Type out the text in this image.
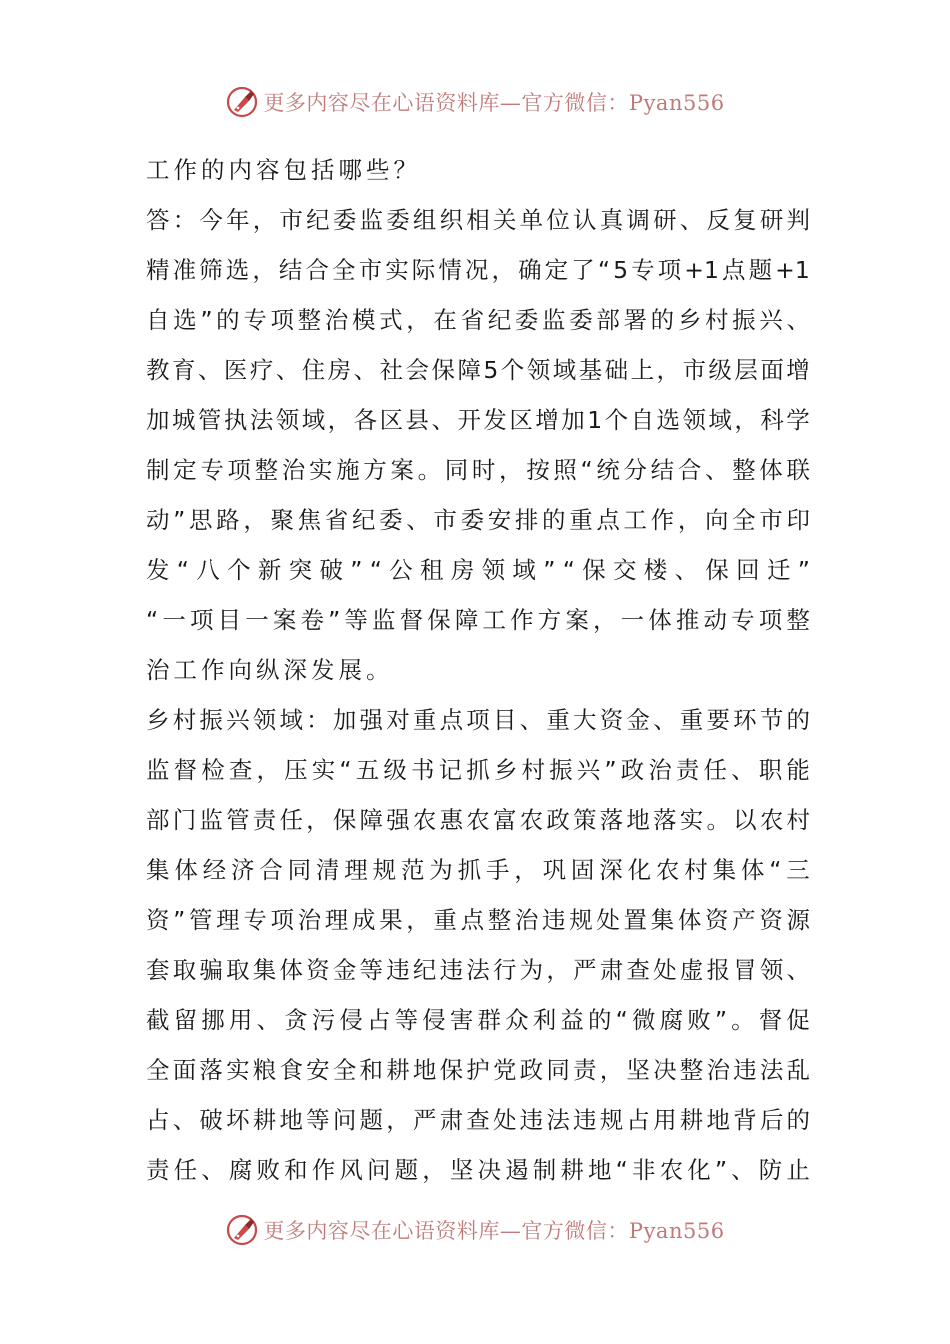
更多内容尽在心语资料库—官方微信：Pyan556
工作的内容包括哪些？
答 ： 今 年 ， 市 纪 委 监 委 组 织 相 关 单 位 认 真 调 研 、 反 复 研 判
精 准 筛 选 ， 结 合 全 市 实 际 情 况 ， 确 定 了 “ 5 专 项 +1 点 题 +1
自 选 ” 的 专 项 整 治 模 式 ， 在 省 纪 委 监 委 部 署 的 乡 村 振 兴 、
教 育 、 医 疗 、 住 房 、 社 会 保 障 5 个 领 域 基 础 上 ， 市 级 层 面 增
加 城 管 执 法 领 域 ， 各 区 县 、 开 发 区 增 加 1 个 自 选 领 域 ， 科 学
制 定 专 项 整 治 实 施 方 案 。 同 时 ， 按 照 “ 统 分 结 合 、 整 体 联
动 ” 思 路 ， 聚 焦 省 纪 委 、 市 委 安 排 的 重 点 工 作 ， 向 全 市 印
发 “ 八 个 新 突 破 ” “ 公 租 房 领 域 ” “ 保 交 楼 、 保 回 迁 ”
“ 一 项 目 一 案 卷 ” 等 监 督 保 障 工 作 方 案 ， 一 体 推 动 专 项 整
治工作向纵深发展。
乡 村 振 兴 领 域 ： 加 强 对 重 点 项 目 、 重 大 资 金 、 重 要 环 节 的
监 督 检 查 ， 压 实 “ 五 级 书 记 抓 乡 村 振 兴 ” 政 治 责 任 、 职 能
部 门 监 管 责 任 ， 保 障 强 农 惠 农 富 农 政 策 落 地 落 实 。 以 农 村
集 体 经 济 合 同 清 理 规 范 为 抓 手 ， 巩 固 深 化 农 村 集 体 “ 三
资 ” 管 理 专 项 治 理 成 果 ， 重 点 整 治 违 规 处 置 集 体 资 产 资 源
套 取 骗 取 集 体 资 金 等 违 纪 违 法 行 为 ， 严 肃 查 处 虚 报 冒 领 、
截 留 挪 用 、 贪 污 侵 占 等 侵 害 群 众 利 益 的 “ 微 腐 败 ” 。 督 促
全 面 落 实 粮 食 安 全 和 耕 地 保 护 党 政 同 责 ， 坚 决 整 治 违 法 乱
占 、 破 坏 耕 地 等 问 题 ， 严 肃 查 处 违 法 违 规 占 用 耕 地 背 后 的
责 任 、 腐 败 和 作 风 问 题 ， 坚 决 遏 制 耕 地 “ 非 农 化 ” 、 防 止
更多内容尽在心语资料库—官方微信：Pyan556
